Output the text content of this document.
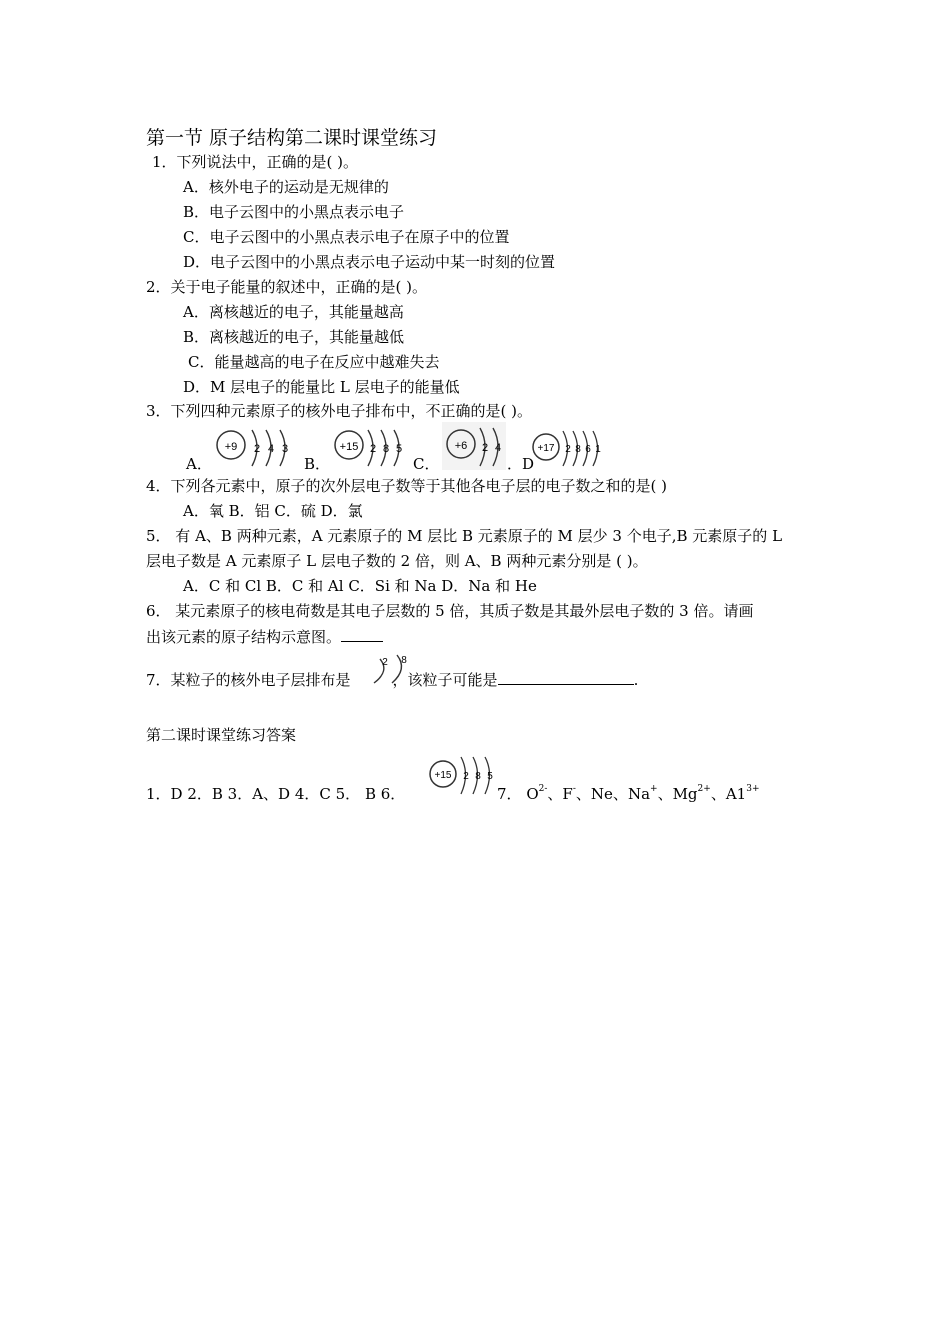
第一节 原子结构第二课时课堂练习
1．下列说法中，正确的是( )。
A．核外电子的运动是无规律的
B．电子云图中的小黑点表示电子
C．电子云图中的小黑点表示电子在原子中的位置
D．电子云图中的小黑点表示电子运动中某一时刻的位置
2．关于电子能量的叙述中，正确的是( )。
A．离核越近的电子，其能量越高
B．离核越近的电子，其能量越低
C．能量越高的电子在反应中越难失去
D．M 层电子的能量比 L 层电子的能量低
3．下列四种元素原子的核外电子排布中，不正确的是( )。
A．	B．	C．	．D
+9 2 4 3	+15 2 8 5	+6 2 4	+17 2 8 6 1
4．下列各元素中，原子的次外层电子数等于其他各电子层的电子数之和的是( )
A．氧 B．铝 C．硫 D．氯
5． 有 A、B 两种元素，A 元素原子的 M 层比 B 元素原子的 M 层少 3 个电子,B 元素原子的 L
层电子数是 A 元素原子 L 层电子数的 2 倍，则 A、B 两种元素分别是 ( )。
A．C 和 Cl B．C 和 Al C．Si 和 Na D．Na 和 He
6． 某元素原子的核电荷数是其电子层数的 5 倍，其质子数是其最外层电子数的 3 倍。请画
出该元素的原子结构示意图。
7．某粒子的核外电子层排布是	，该粒子可能是	.
2 8
第二课时课堂练习答案
1．D 2．B 3．A、D 4．C 5． B 6．
+15 2 8 5
7． $O^{2-}$、F-、Ne、Na+、$Mg^{2+}$、$A1^{3+}$
